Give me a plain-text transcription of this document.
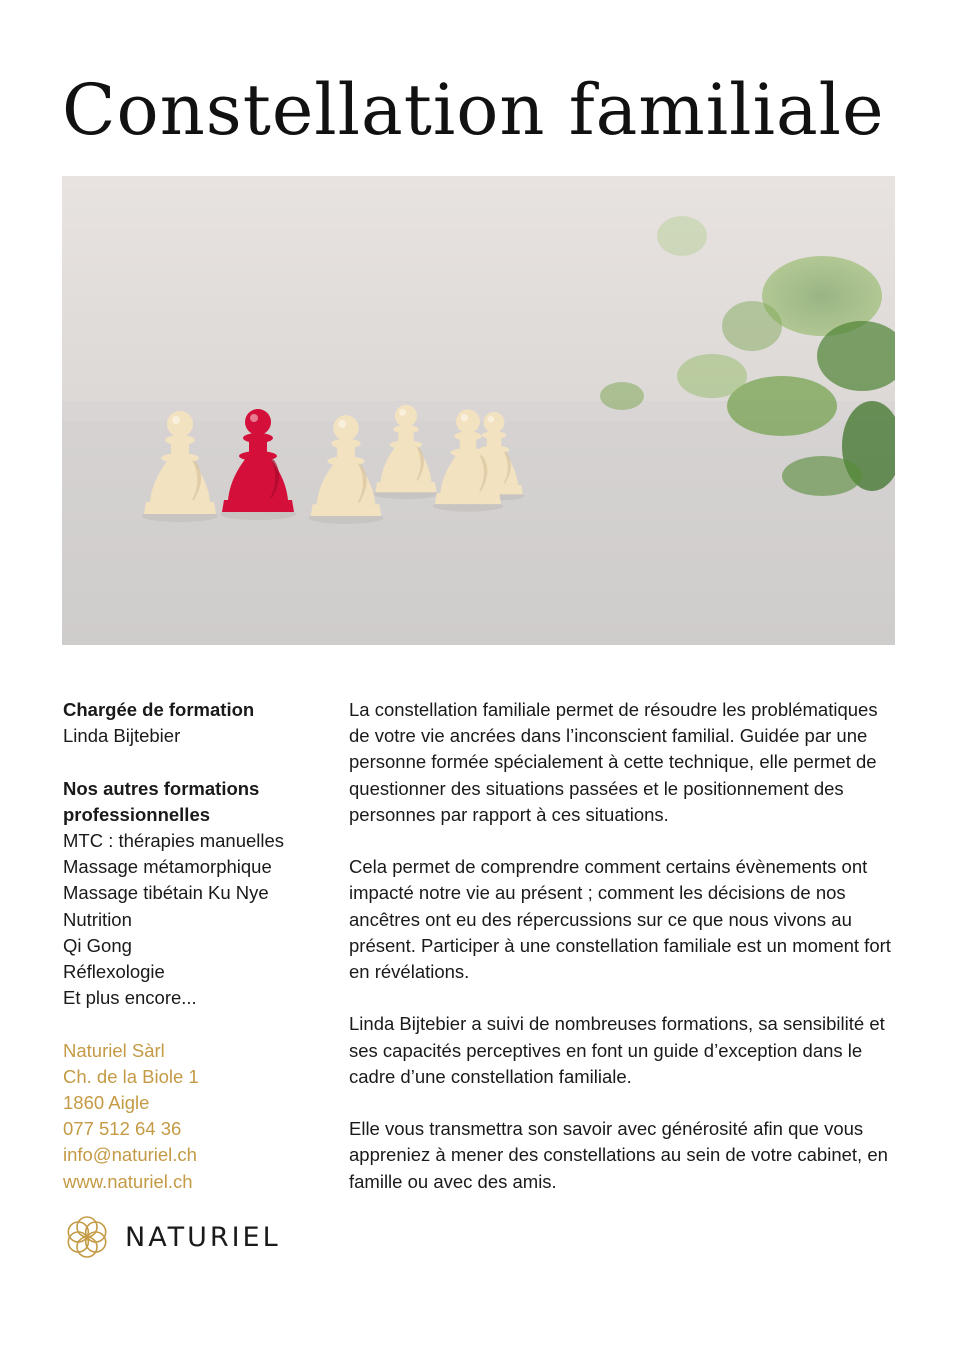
Constellation familiale

Chargée de formation

Linda Bijtebier

Nos autres formations

professionnelles

MTC : thérapies manuelles

Massage métamorphique

Massage tibétain Ku Nye

Nutrition

Qi Gong

Réflexologie

Et plus encore...

Naturiel Sàrl

Ch. de la Biole 1

1860 Aigle

077 512 64 36

info@naturiel.ch

www.naturiel.ch

La constellation familiale permet de résoudre les problématiques de votre vie ancrées dans l’inconscient familial. Guidée par une personne formée spécialement à cette technique, elle permet de questionner des situations passées et le positionnement des personnes par rapport à ces situations.

Cela permet de comprendre comment certains évènements ont impacté notre vie au présent ; comment les décisions de nos ancêtres ont eu des répercussions sur ce que nous vivons au présent. Participer à une constellation familiale est un moment fort en révélations.

Linda Bijtebier a suivi de nombreuses formations, sa sensibilité et ses capacités perceptives en font un guide d’exception dans le cadre d’une constellation familiale.

Elle vous transmettra son savoir avec générosité afin que vous appreniez à mener des constellations au sein de votre cabinet, en famille ou avec des amis.

NATURIEL
